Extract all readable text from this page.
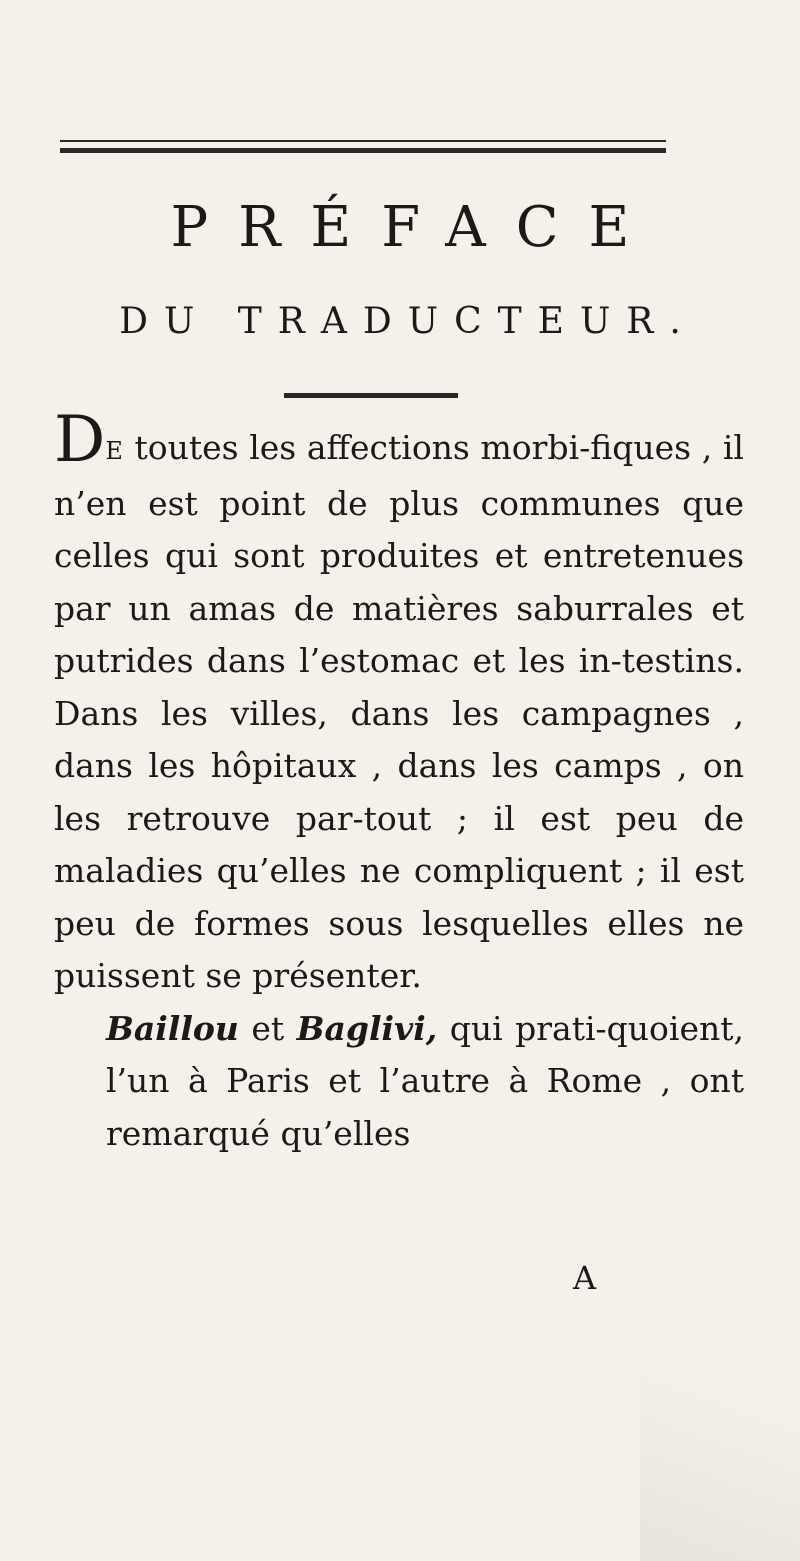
PRÉFACE
DU TRADUCTEUR.

DE toutes les affections morbi-fiques , il n’en est point de plus communes que celles qui sont produites et entretenues par un amas de matières saburrales et putrides dans l’estomac et les in-testins. Dans les villes, dans les campagnes , dans les hôpitaux , dans les camps , on les retrouve par-tout ; il est peu de maladies qu’elles ne compliquent ; il est peu de formes sous lesquelles elles ne puissent se présenter.

Baillou et Baglivi, qui prati-quoient, l’un à Paris et l’autre à Rome , ont remarqué qu’elles

A
